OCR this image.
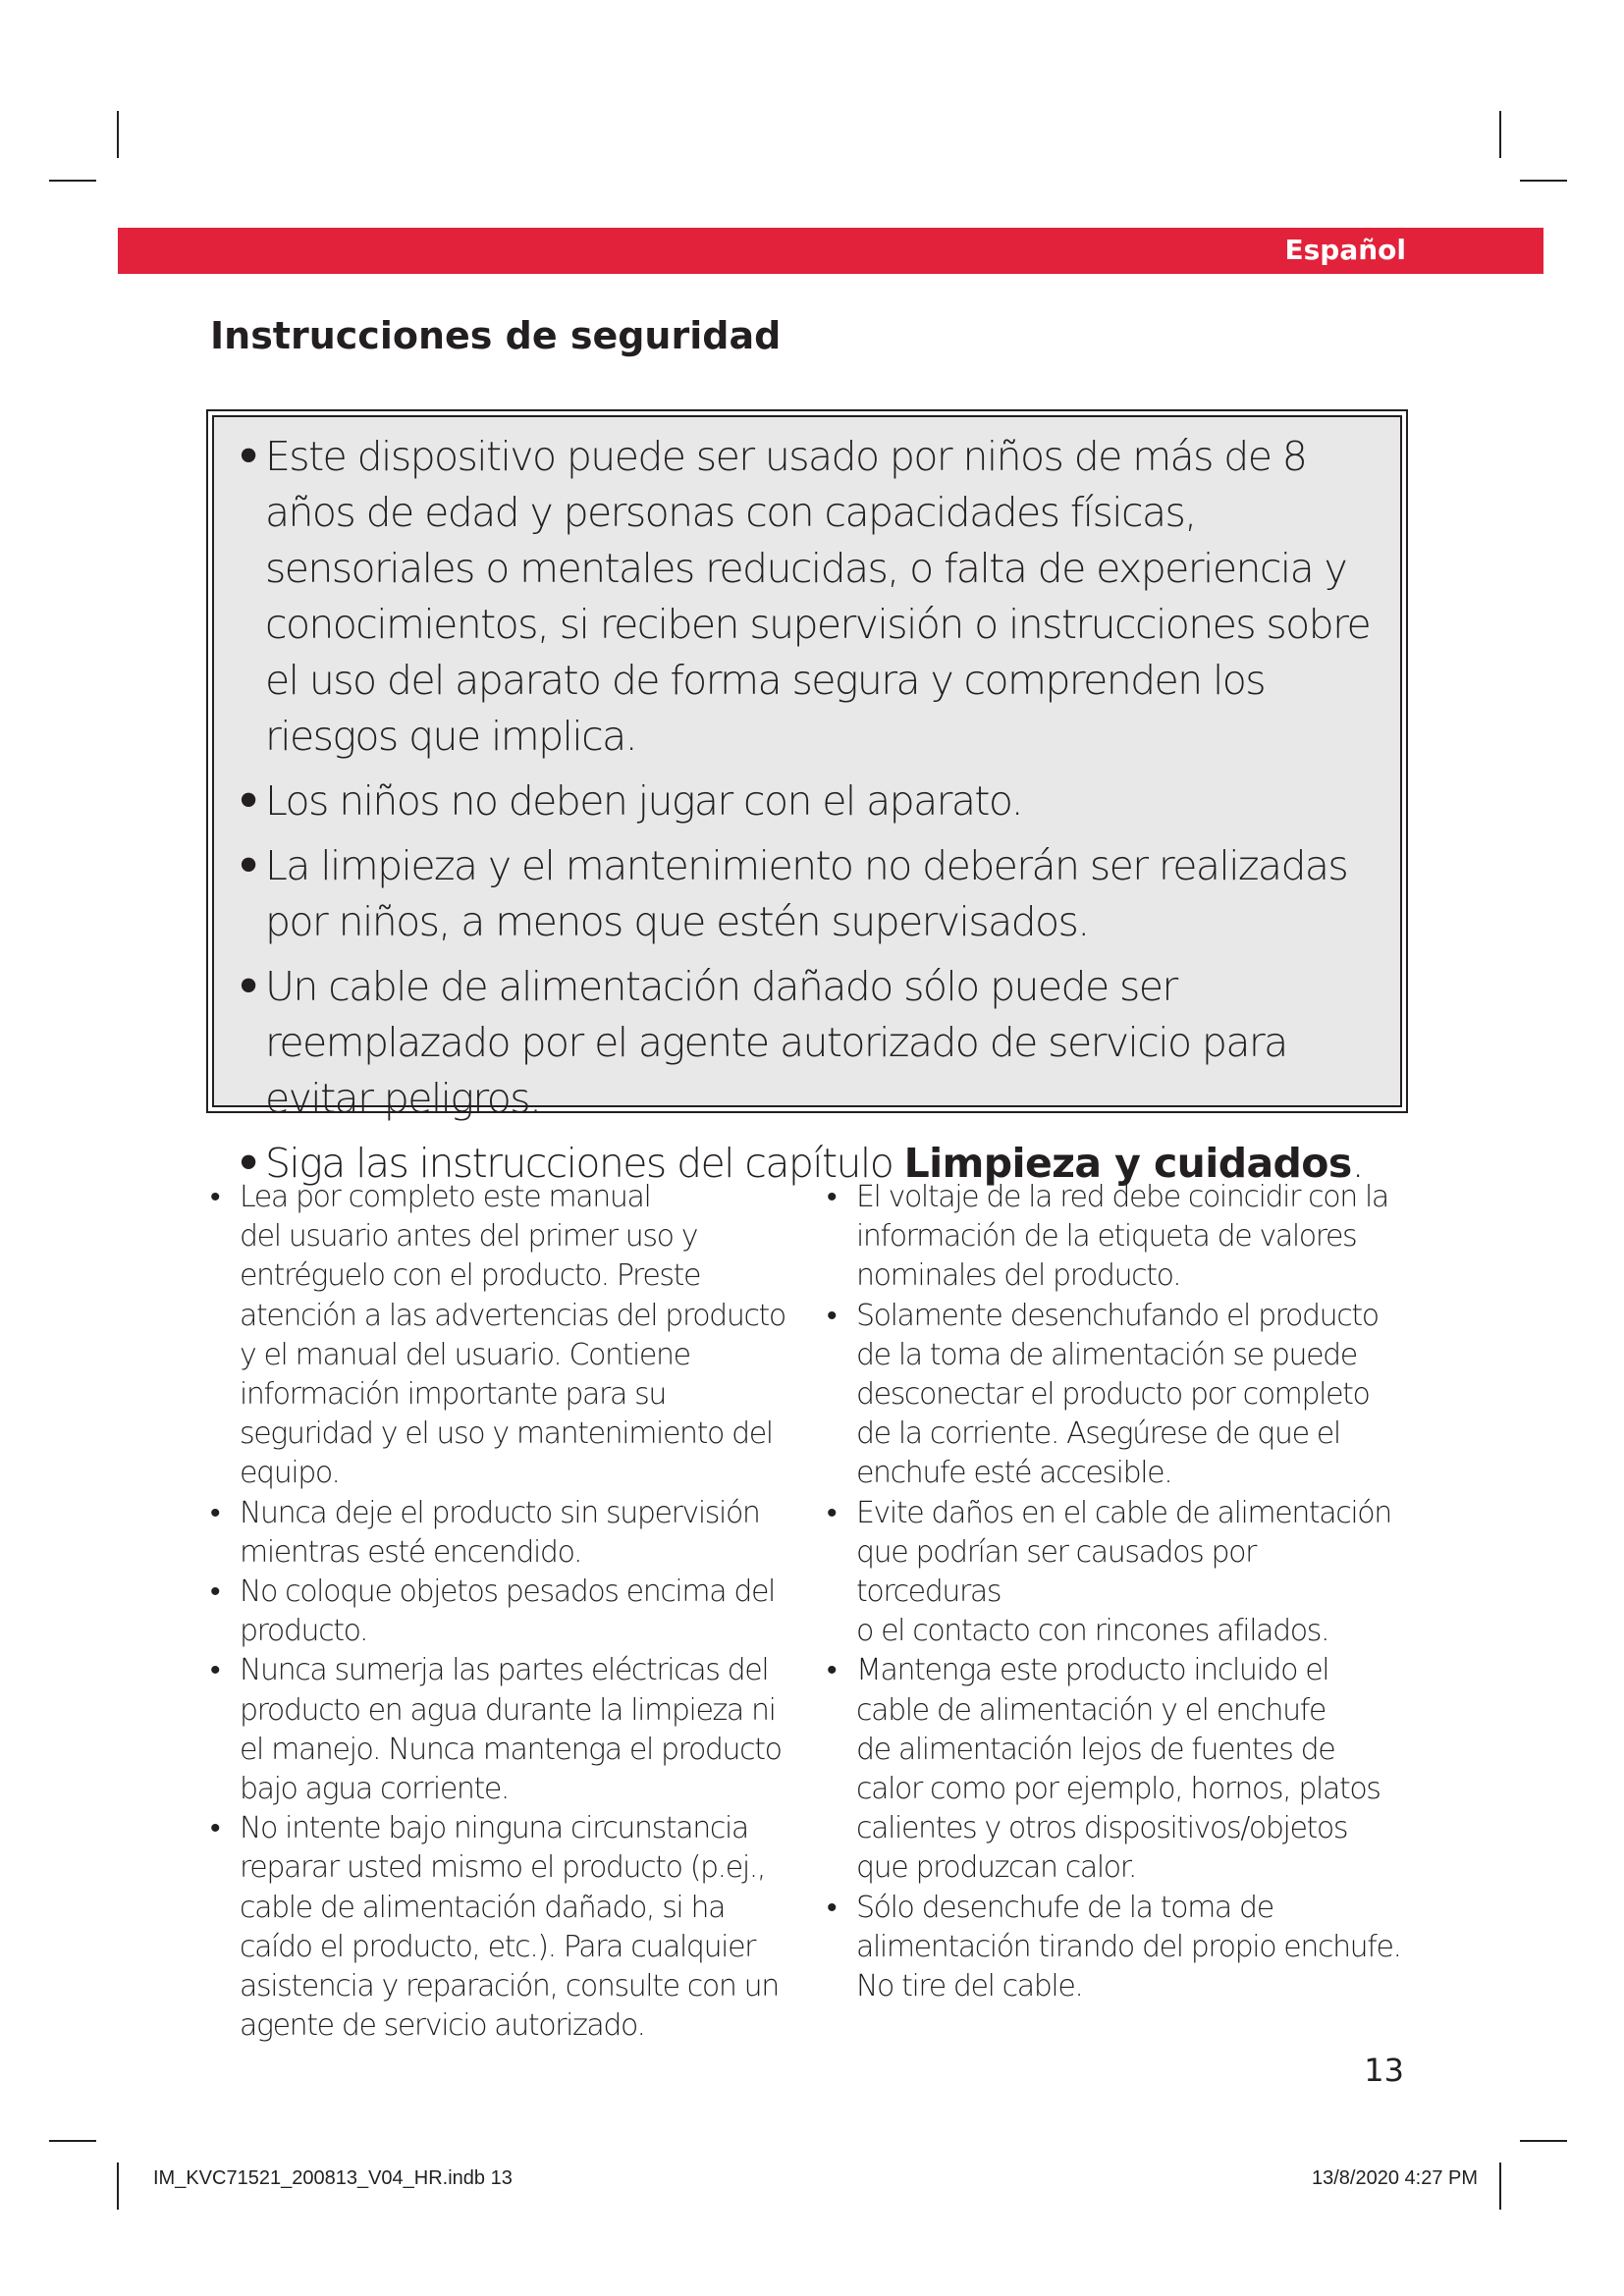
Español
Instrucciones de seguridad
• Este dispositivo puede ser usado por niños de más de 8 años de edad y personas con capacidades físicas, sensoriales o mentales reducidas, o falta de experiencia y conocimientos, si reciben supervisión o instrucciones sobre el uso del aparato de forma segura y comprenden los riesgos que implica.
• Los niños no deben jugar con el aparato.
• La limpieza y el mantenimiento no deberán ser realizadas por niños, a menos que estén supervisados.
• Un cable de alimentación dañado sólo puede ser reemplazado por el agente autorizado de servicio para evitar peligros.
• Siga las instrucciones del capítulo Limpieza y cuidados.
• Lea por completo este manual
del usuario antes del primer uso y
entréguelo con el producto. Preste
atención a las advertencias del producto
y el manual del usuario. Contiene
información importante para su
seguridad y el uso y mantenimiento del
equipo.
• Nunca deje el producto sin supervisión
mientras esté encendido.
• No coloque objetos pesados encima del
producto.
• Nunca sumerja las partes eléctricas del
producto en agua durante la limpieza ni
el manejo. Nunca mantenga el producto
bajo agua corriente.
• No intente bajo ninguna circunstancia
reparar usted mismo el producto (p.ej.,
cable de alimentación dañado, si ha
caído el producto, etc.). Para cualquier
asistencia y reparación, consulte con un
agente de servicio autorizado.
• El voltaje de la red debe coincidir con la
información de la etiqueta de valores
nominales del producto.
• Solamente desenchufando el producto
de la toma de alimentación se puede
desconectar el producto por completo
de la corriente. Asegúrese de que el
enchufe esté accesible.
• Evite daños en el cable de alimentación
que podrían ser causados por torceduras
o el contacto con rincones afilados.
• Mantenga este producto incluido el
cable de alimentación y el enchufe
de alimentación lejos de fuentes de
calor como por ejemplo, hornos, platos
calientes y otros dispositivos/objetos
que produzcan calor.
• Sólo desenchufe de la toma de
alimentación tirando del propio enchufe.
No tire del cable.
13
IM_KVC71521_200813_V04_HR.indb 13	13/8/2020 4:27 PM
